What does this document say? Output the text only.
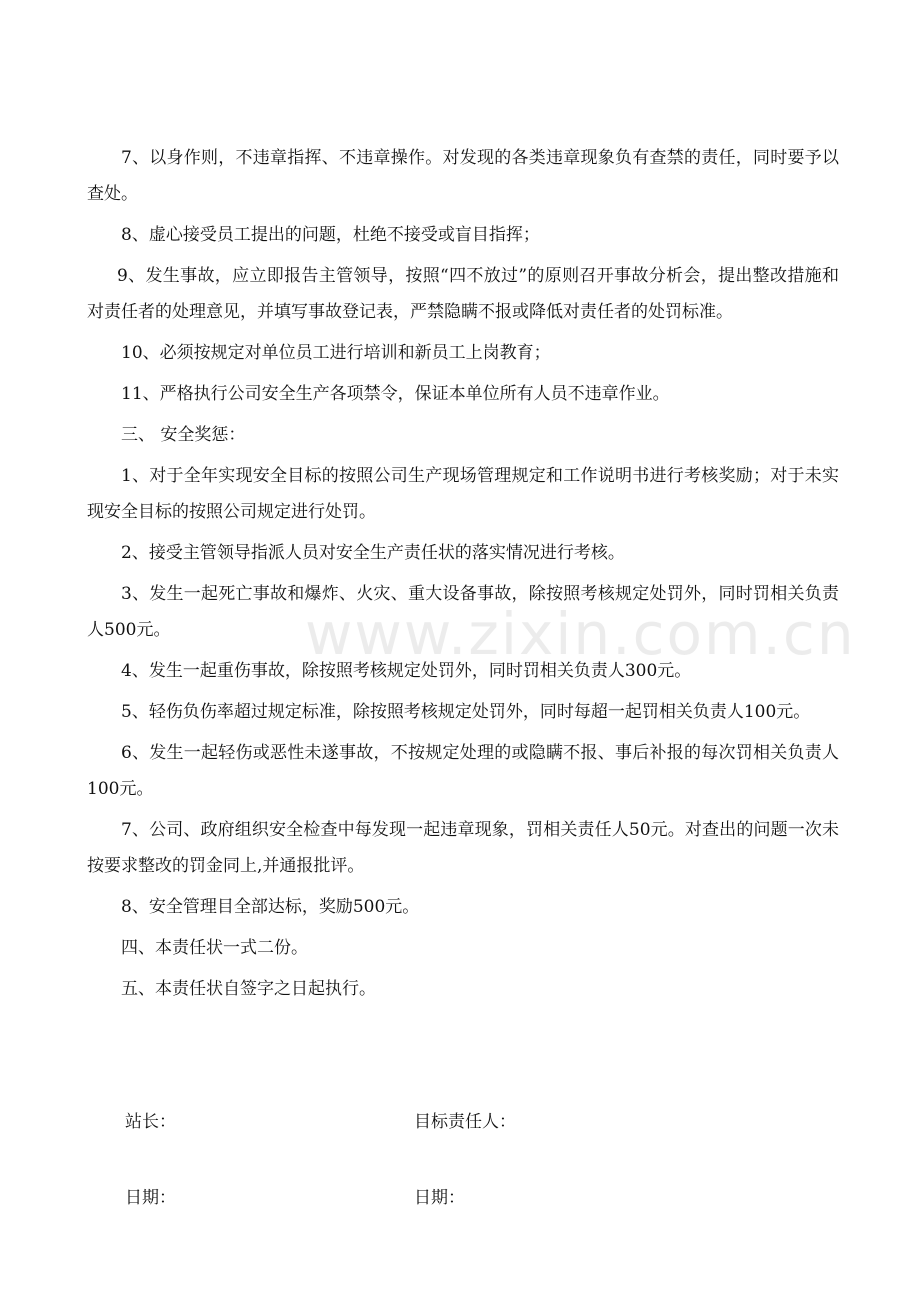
7、以身作则，不违章指挥、不违章操作。对发现的各类违章现象负有查禁的责任，同时要予以查处。

8、虚心接受员工提出的问题，杜绝不接受或盲目指挥；

9、发生事故，应立即报告主管领导，按照“四不放过”的原则召开事故分析会，提出整改措施和对责任者的处理意见，并填写事故登记表，严禁隐瞒不报或降低对责任者的处罚标准。

10、必须按规定对单位员工进行培训和新员工上岗教育；

11、严格执行公司安全生产各项禁令，保证本单位所有人员不违章作业。

三、 安全奖惩：

1、对于全年实现安全目标的按照公司生产现场管理规定和工作说明书进行考核奖励；对于未实现安全目标的按照公司规定进行处罚。

2、接受主管领导指派人员对安全生产责任状的落实情况进行考核。

3、发生一起死亡事故和爆炸、火灾、重大设备事故，除按照考核规定处罚外，同时罚相关负责人500元。

4、发生一起重伤事故，除按照考核规定处罚外，同时罚相关负责人300元。

5、轻伤负伤率超过规定标准，除按照考核规定处罚外，同时每超一起罚相关负责人100元。

6、发生一起轻伤或恶性未遂事故，不按规定处理的或隐瞒不报、事后补报的每次罚相关负责人100元。

7、公司、政府组织安全检查中每发现一起违章现象，罚相关责任人50元。对查出的问题一次未按要求整改的罚金同上,并通报批评。

8、安全管理目全部达标，奖励500元。

四、本责任状一式二份。

五、本责任状自签字之日起执行。

www.zixin.com.cn
站长：	目标责任人：
日期：	日期：
